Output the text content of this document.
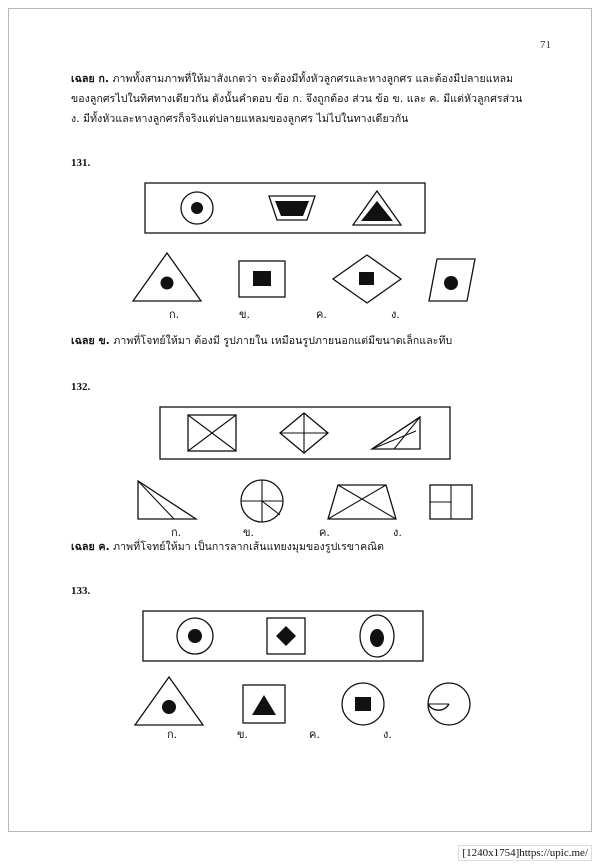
71
เฉลย ก. ภาพทั้งสามภาพที่ให้มาสังเกตว่า จะต้องมีทั้งหัวลูกศรและหางลูกศร และต้องมีปลายแหลมของลูกศรไปในทิศทางเดียวกัน ดังนั้นคำตอบ ข้อ ก. จึงถูกต้อง ส่วน ข้อ ข. และ ค. มีแต่หัวลูกศรส่วน ง. มีทั้งหัวและหางลูกศรก็จริงแต่ปลายแหลมของลูกศร ไม่ไปในทางเดียวกัน
131.
ก.	ข.	ค.	ง.
เฉลย ข. ภาพที่โจทย์ให้มา ต้องมี รูปภายใน เหมือนรูปภายนอกแต่มีขนาดเล็กและทึบ
132.
ก.	ข.	ค.	ง.
เฉลย ค. ภาพที่โจทย์ให้มา เป็นการลากเส้นแทยงมุมของรูปเรขาคณิต
133.
ก.	ข.	ค.	ง.
[1240x1754]https://upic.me/
